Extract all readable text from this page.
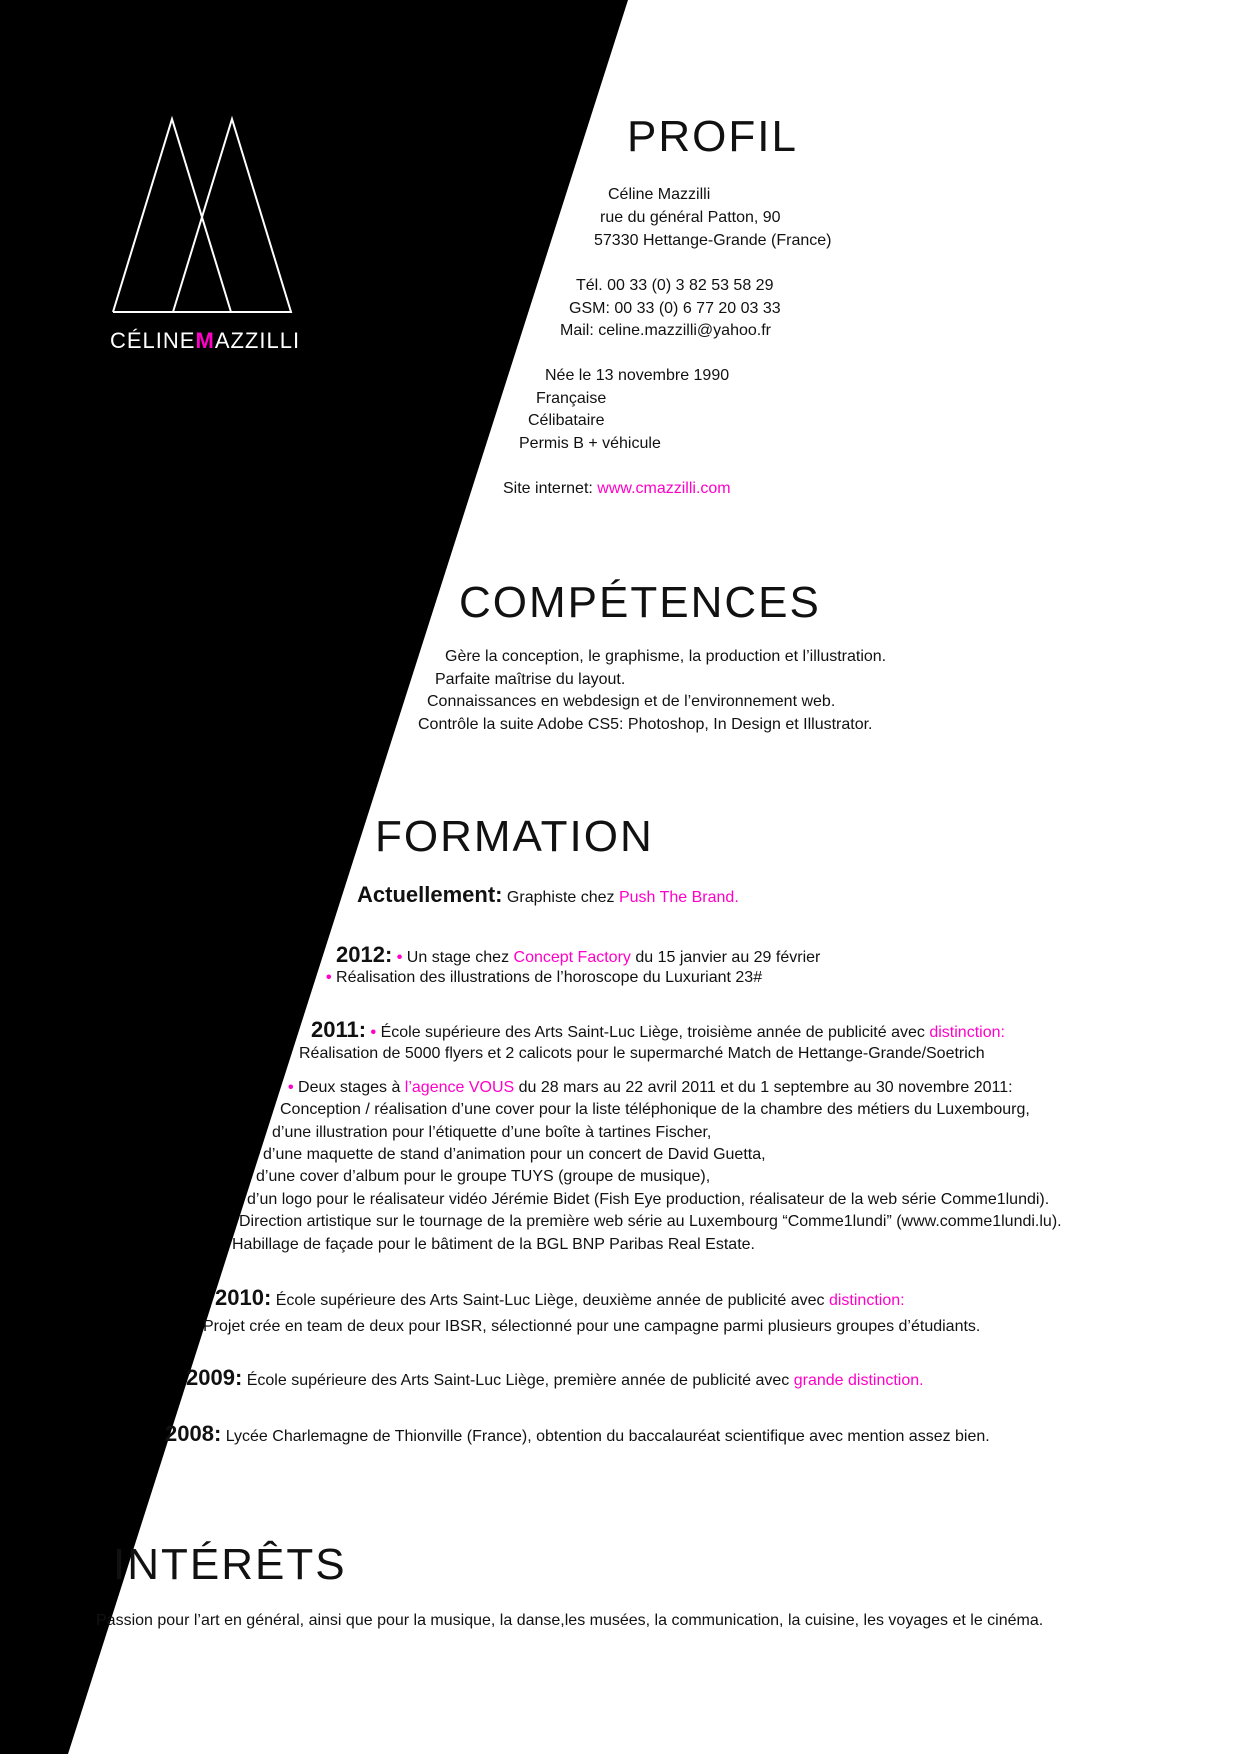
CÉLINEMAZZILLI
PROFIL
Céline Mazzilli
rue du général Patton, 90
57330 Hettange-Grande (France)
Tél. 00 33 (0) 3 82 53 58 29
GSM: 00 33 (0) 6 77 20 03 33
Mail: celine.mazzilli@yahoo.fr
Née le 13 novembre 1990
Française
Célibataire
Permis B + véhicule
Site internet: www.cmazzilli.com
COMPÉTENCES
Gère la conception, le graphisme, la production et l’illustration.
Parfaite maîtrise du layout.
Connaissances en webdesign et de l’environnement web.
Contrôle la suite Adobe CS5: Photoshop, In Design et Illustrator.
FORMATION
Actuellement: Graphiste chez Push The Brand.
2012: • Un stage chez Concept Factory du 15 janvier au 29 février
• Réalisation des illustrations de l’horoscope du Luxuriant 23#
2011: • École supérieure des Arts Saint-Luc Liège, troisième année de publicité avec distinction:
Réalisation de 5000 flyers et 2 calicots pour le supermarché Match de Hettange-Grande/Soetrich
• Deux stages à l’agence VOUS du 28 mars au 22 avril 2011 et du 1 septembre au 30 novembre 2011:
Conception / réalisation d’une cover pour la liste téléphonique de la chambre des métiers du Luxembourg,
d’une illustration pour l’étiquette d’une boîte à tartines Fischer,
d’une maquette de stand d’animation pour un concert de David Guetta,
d’une cover d’album pour le groupe TUYS (groupe de musique),
d’un logo pour le réalisateur vidéo Jérémie Bidet (Fish Eye production, réalisateur de la web série Comme1lundi).
Direction artistique sur le tournage de la première web série au Luxembourg “Comme1lundi” (www.comme1lundi.lu).
Habillage de façade pour le bâtiment de la BGL BNP Paribas Real Estate.
2010: École supérieure des Arts Saint-Luc Liège, deuxième année de publicité avec distinction:
Projet crée en team de deux pour IBSR, sélectionné pour une campagne parmi plusieurs groupes d’étudiants.
2009: École supérieure des Arts Saint-Luc Liège, première année de publicité avec grande distinction.
2008: Lycée Charlemagne de Thionville (France), obtention du baccalauréat scientifique avec mention assez bien.
INTÉRÊTS
Passion pour l’art en général, ainsi que pour la musique, la danse,les musées, la communication, la cuisine, les voyages et le cinéma.
